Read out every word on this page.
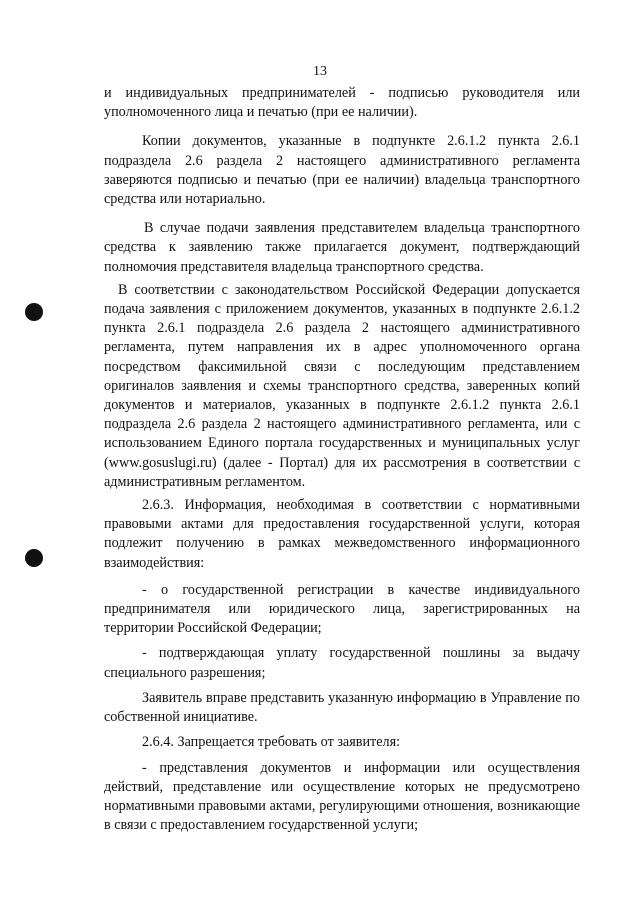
13

и индивидуальных предпринимателей - подписью руководителя или уполномоченного лица и печатью (при ее наличии).

Копии документов, указанные в подпункте 2.6.1.2 пункта 2.6.1 подраздела 2.6 раздела 2 настоящего административного регламента заверяются подписью и печатью (при ее наличии) владельца транспортного средства или нотариально.

В случае подачи заявления представителем владельца транспортного средства к заявлению также прилагается документ, подтверждающий полномочия представителя владельца транспортного средства.

В соответствии с законодательством Российской Федерации допускается подача заявления с приложением документов, указанных в подпункте 2.6.1.2 пункта 2.6.1 подраздела 2.6 раздела 2 настоящего административного регламента, путем направления их в адрес уполномоченного органа посредством факсимильной связи с последующим представлением оригиналов заявления и схемы транспортного средства, заверенных копий документов и материалов, указанных в подпункте 2.6.1.2 пункта 2.6.1 подраздела 2.6 раздела 2 настоящего административного регламента, или с использованием Единого портала государственных и муниципальных услуг (www.gosuslugi.ru) (далее - Портал) для их рассмотрения в соответствии с административным регламентом.

2.6.3. Информация, необходимая в соответствии с нормативными правовыми актами для предоставления государственной услуги, которая подлежит получению в рамках межведомственного информационного взаимодействия:

- о государственной регистрации в качестве индивидуального предпринимателя или юридического лица, зарегистрированных на территории Российской Федерации;

- подтверждающая уплату государственной пошлины за выдачу специального разрешения;

Заявитель вправе представить указанную информацию в Управление по собственной инициативе.

2.6.4. Запрещается требовать от заявителя:

- представления документов и информации или осуществления действий, представление или осуществление которых не предусмотрено нормативными правовыми актами, регулирующими отношения, возникающие в связи с предоставлением государственной услуги;
